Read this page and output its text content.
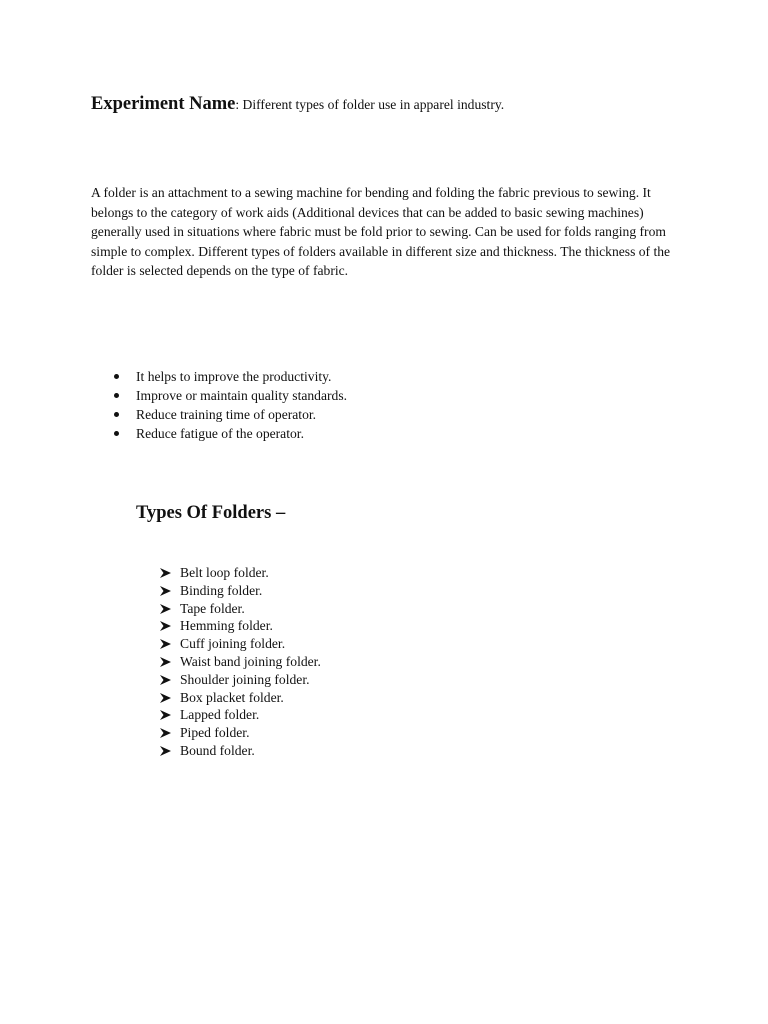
Experiment Name: Different types of folder use in apparel industry.

A folder is an attachment to a sewing machine for bending and folding the fabric previous to sewing. It belongs to the category of work aids (Additional devices that can be added to basic sewing machines) generally used in situations where fabric must be fold prior to sewing. Can be used for folds ranging from simple to complex. Different types of folders available in different size and thickness. The thickness of the folder is selected depends on the type of fabric.

It helps to improve the productivity.
Improve or maintain quality standards.
Reduce training time of operator.
Reduce fatigue of the operator.
Types Of Folders –
Belt loop folder.
Binding folder.
Tape folder.
Hemming folder.
Cuff joining folder.
Waist band joining folder.
Shoulder joining folder.
Box placket folder.
Lapped folder.
Piped folder.
Bound folder.
